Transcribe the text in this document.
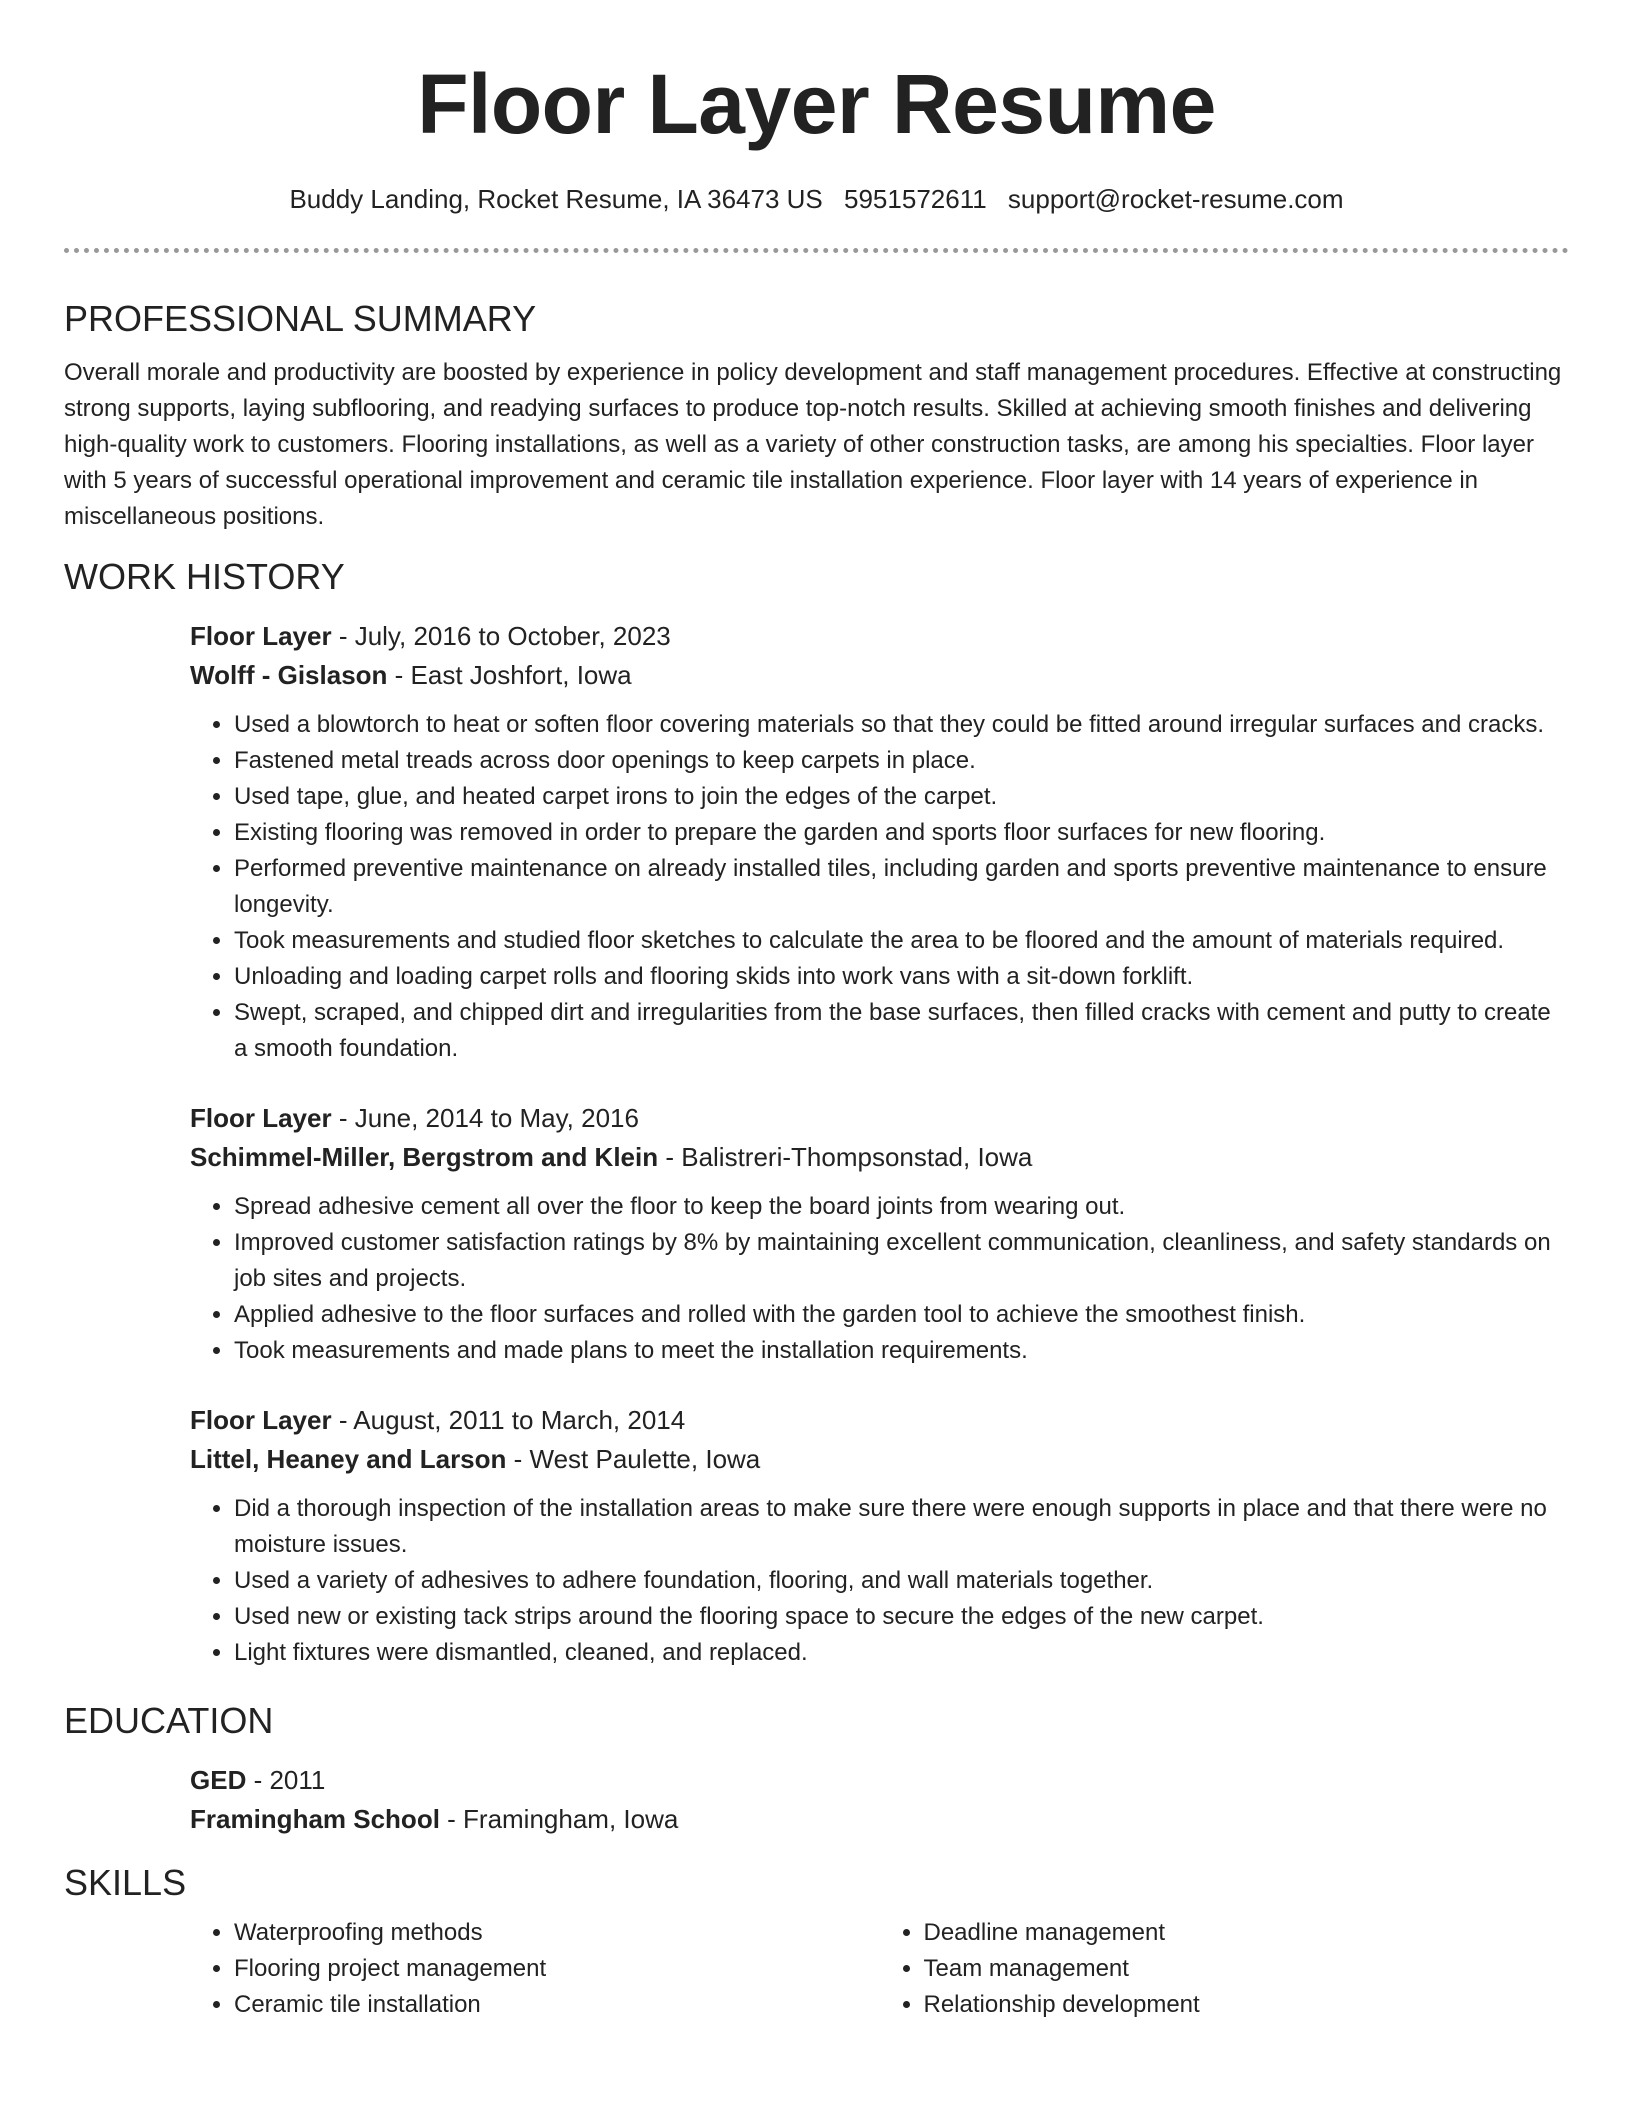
Floor Layer Resume
Buddy Landing, Rocket Resume, IA 36473 US 5951572611 support@rocket-resume.com
PROFESSIONAL SUMMARY

Overall morale and productivity are boosted by experience in policy development and staff management procedures. Effective at constructing strong supports, laying subflooring, and readying surfaces to produce top-notch results. Skilled at achieving smooth finishes and delivering high-quality work to customers. Flooring installations, as well as a variety of other construction tasks, are among his specialties. Floor layer with 5 years of successful operational improvement and ceramic tile installation experience. Floor layer with 14 years of experience in miscellaneous positions.

WORK HISTORY

Floor Layer - July, 2016 to October, 2023

Wolff - Gislason - East Joshfort, Iowa

• Used a blowtorch to heat or soften floor covering materials so that they could be fitted around irregular surfaces and cracks.
• Fastened metal treads across door openings to keep carpets in place.
• Used tape, glue, and heated carpet irons to join the edges of the carpet.
• Existing flooring was removed in order to prepare the garden and sports floor surfaces for new flooring.
• Performed preventive maintenance on already installed tiles, including garden and sports preventive maintenance to ensure longevity.
• Took measurements and studied floor sketches to calculate the area to be floored and the amount of materials required.
• Unloading and loading carpet rolls and flooring skids into work vans with a sit-down forklift.
• Swept, scraped, and chipped dirt and irregularities from the base surfaces, then filled cracks with cement and putty to create a smooth foundation.

Floor Layer - June, 2014 to May, 2016

Schimmel-Miller, Bergstrom and Klein - Balistreri-Thompsonstad, Iowa

• Spread adhesive cement all over the floor to keep the board joints from wearing out.
• Improved customer satisfaction ratings by 8% by maintaining excellent communication, cleanliness, and safety standards on job sites and projects.
• Applied adhesive to the floor surfaces and rolled with the garden tool to achieve the smoothest finish.
• Took measurements and made plans to meet the installation requirements.

Floor Layer - August, 2011 to March, 2014

Littel, Heaney and Larson - West Paulette, Iowa

• Did a thorough inspection of the installation areas to make sure there were enough supports in place and that there were no moisture issues.
• Used a variety of adhesives to adhere foundation, flooring, and wall materials together.
• Used new or existing tack strips around the flooring space to secure the edges of the new carpet.
• Light fixtures were dismantled, cleaned, and replaced.
EDUCATION

GED - 2011

Framingham School - Framingham, Iowa

SKILLS
• Waterproofing methods
• Flooring project management
• Ceramic tile installation
• Deadline management
• Team management
• Relationship development
